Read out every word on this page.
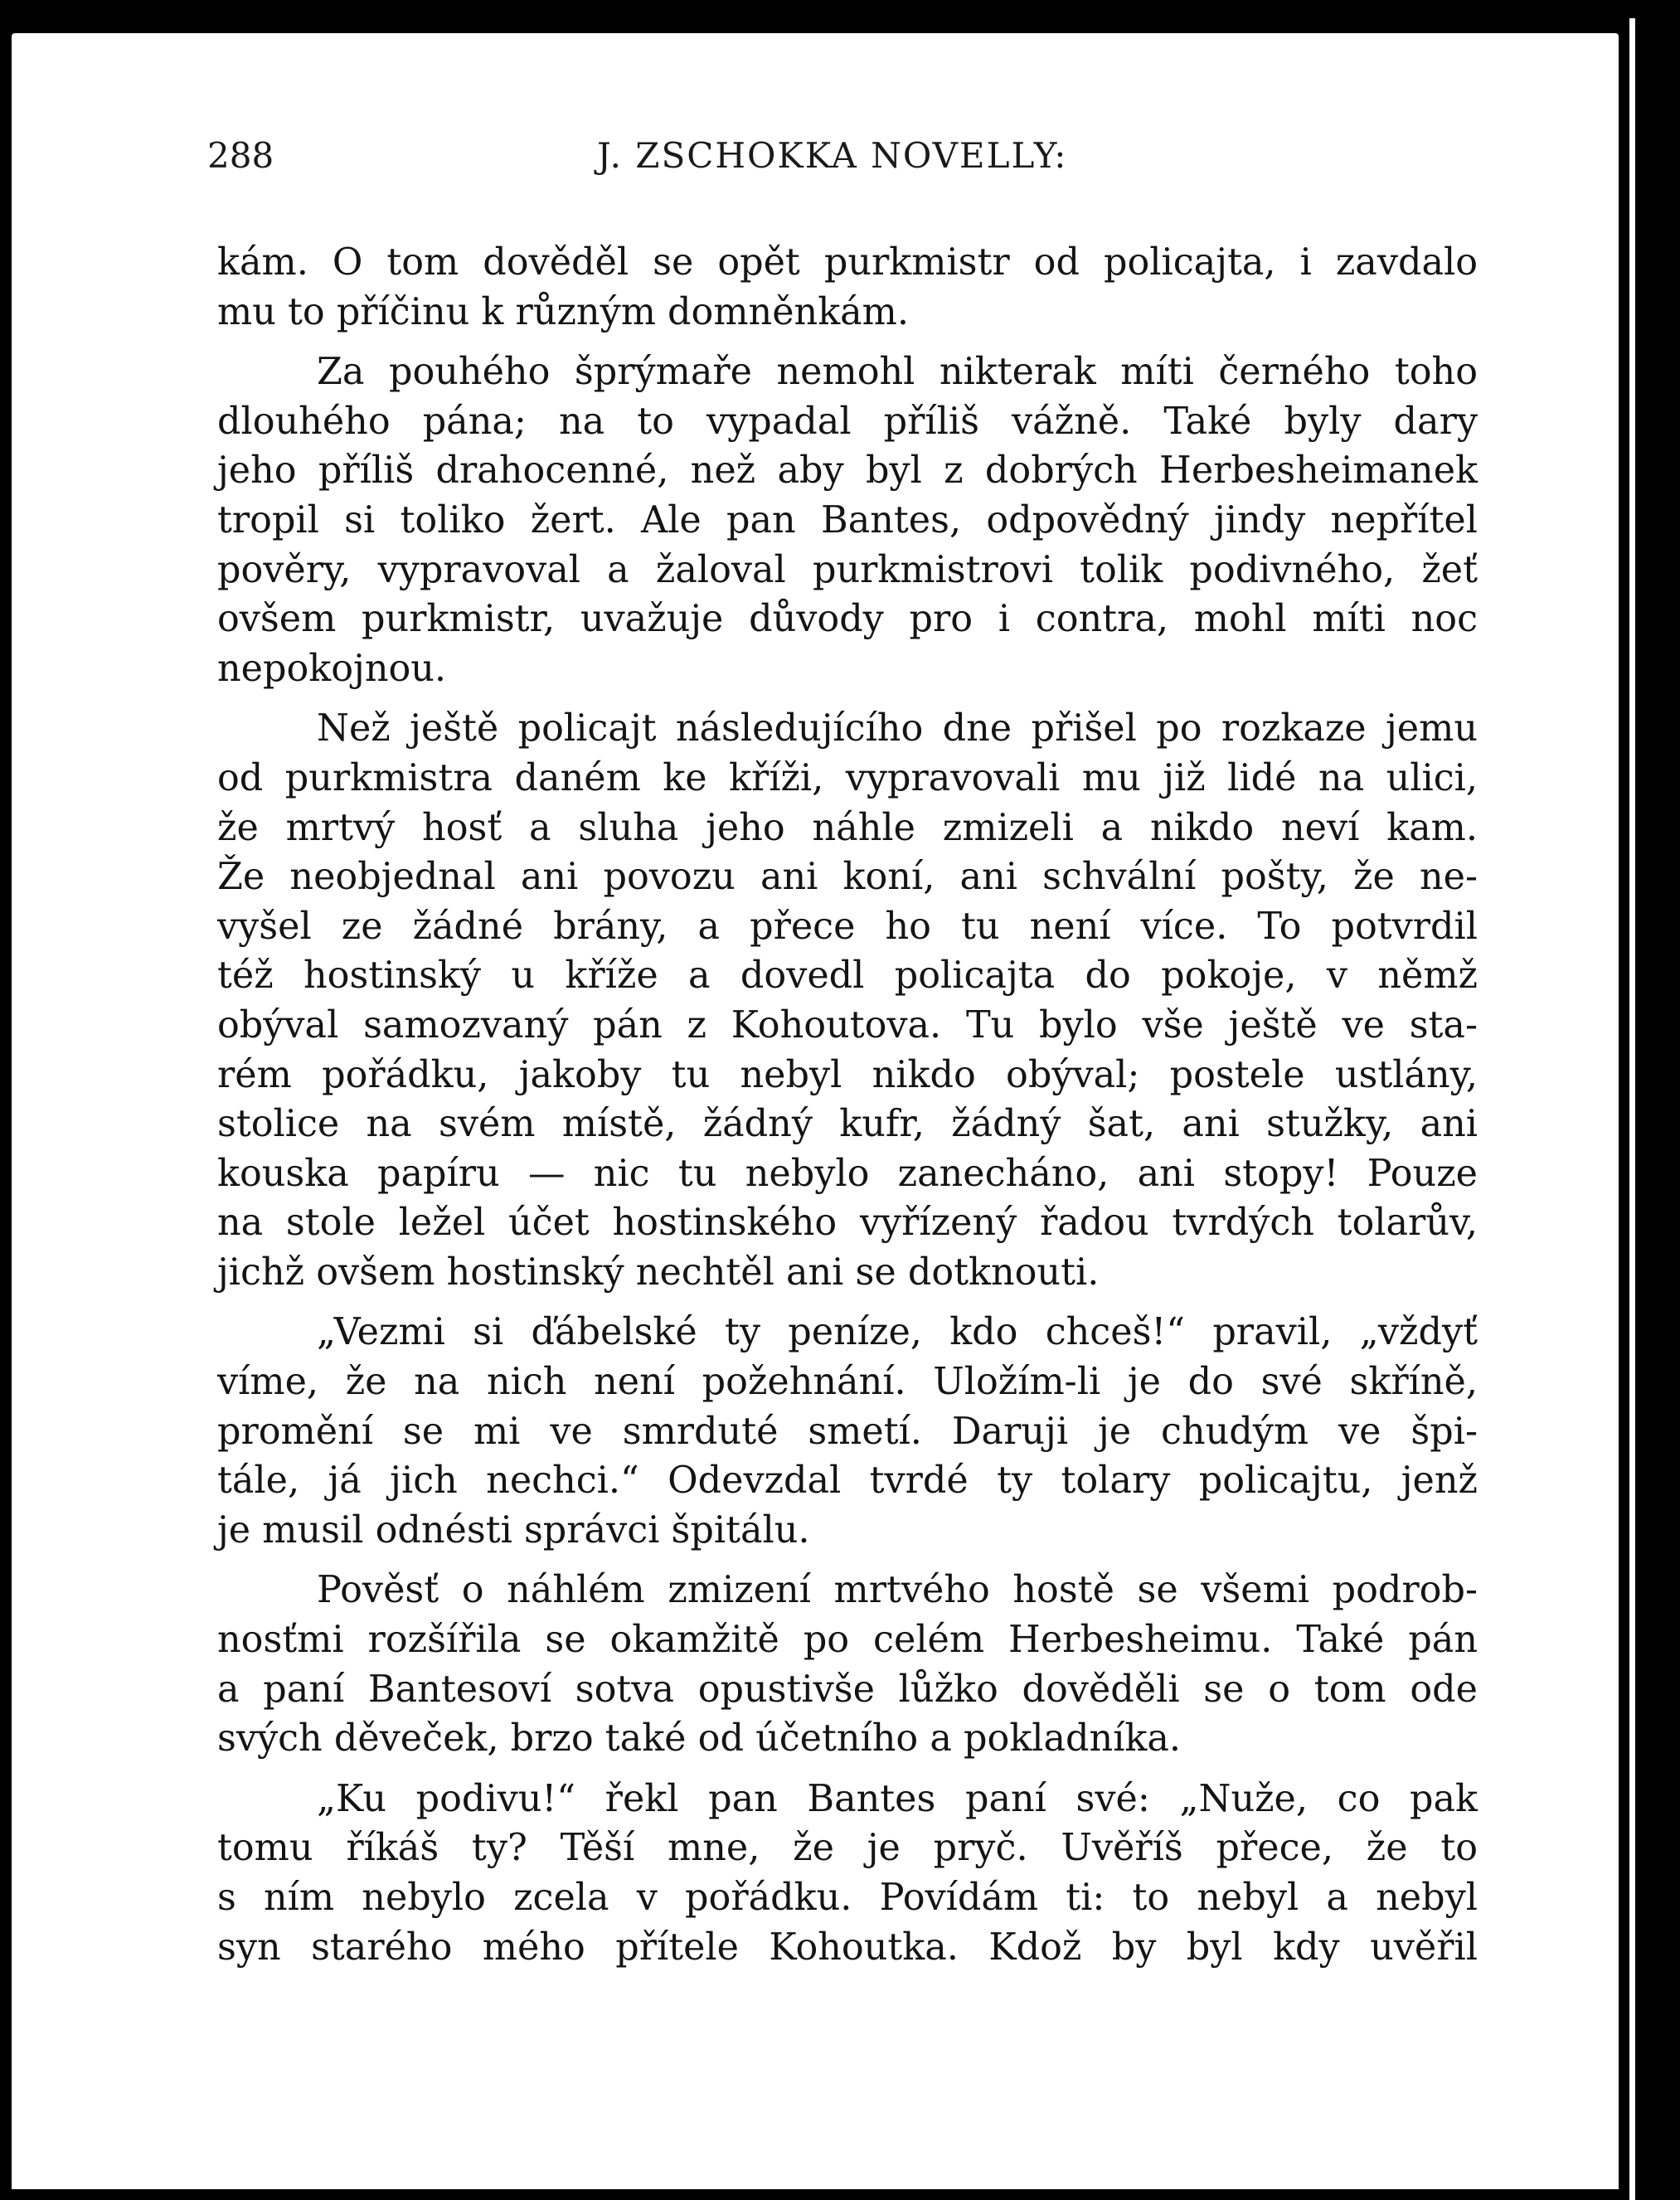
288	J. ZSCHOKKA NOVELLY:

kám. O tom dověděl se opět purkmistr od policajta, i zavdalo
mu to příčinu k různým domněnkám.

Za pouhého šprýmaře nemohl nikterak míti černého toho
dlouhého pána; na to vypadal příliš vážně. Také byly dary
jeho příliš drahocenné, než aby byl z dobrých Herbesheimanek
tropil si toliko žert. Ale pan Bantes, odpovědný jindy nepřítel
pověry, vypravoval a žaloval purkmistrovi tolik podivného, žeť
ovšem purkmistr, uvažuje důvody pro i contra, mohl míti noc
nepokojnou.

Než ještě policajt následujícího dne přišel po rozkaze jemu
od purkmistra daném ke kříži, vypravovali mu již lidé na ulici,
že mrtvý hosť a sluha jeho náhle zmizeli a nikdo neví kam.
Že neobjednal ani povozu ani koní, ani schvální pošty, že ne-
vyšel ze žádné brány, a přece ho tu není více. To potvrdil
též hostinský u kříže a dovedl policajta do pokoje, v němž
obýval samozvaný pán z Kohoutova. Tu bylo vše ještě ve sta-
rém pořádku, jakoby tu nebyl nikdo obýval; postele ustlány,
stolice na svém místě, žádný kufr, žádný šat, ani stužky, ani
kouska papíru — nic tu nebylo zanecháno, ani stopy! Pouze
na stole ležel účet hostinského vyřízený řadou tvrdých tolarův,
jichž ovšem hostinský nechtěl ani se dotknouti.

„Vezmi si ďábelské ty peníze, kdo chceš!“ pravil, „vždyť
víme, že na nich není požehnání. Uložím-li je do své skříně,
promění se mi ve smrduté smetí. Daruji je chudým ve špi-
tále, já jich nechci.“ Odevzdal tvrdé ty tolary policajtu, jenž
je musil odnésti správci špitálu.

Pověsť o náhlém zmizení mrtvého hostě se všemi podrob-
nosťmi rozšířila se okamžitě po celém Herbesheimu. Také pán
a paní Bantesoví sotva opustivše lůžko dověděli se o tom ode
svých děveček, brzo také od účetního a pokladníka.

„Ku podivu!“ řekl pan Bantes paní své: „Nuže, co pak
tomu říkáš ty? Těší mne, že je pryč. Uvěříš přece, že to
s ním nebylo zcela v pořádku. Povídám ti: to nebyl a nebyl
syn starého mého přítele Kohoutka. Kdož by byl kdy uvěřil
